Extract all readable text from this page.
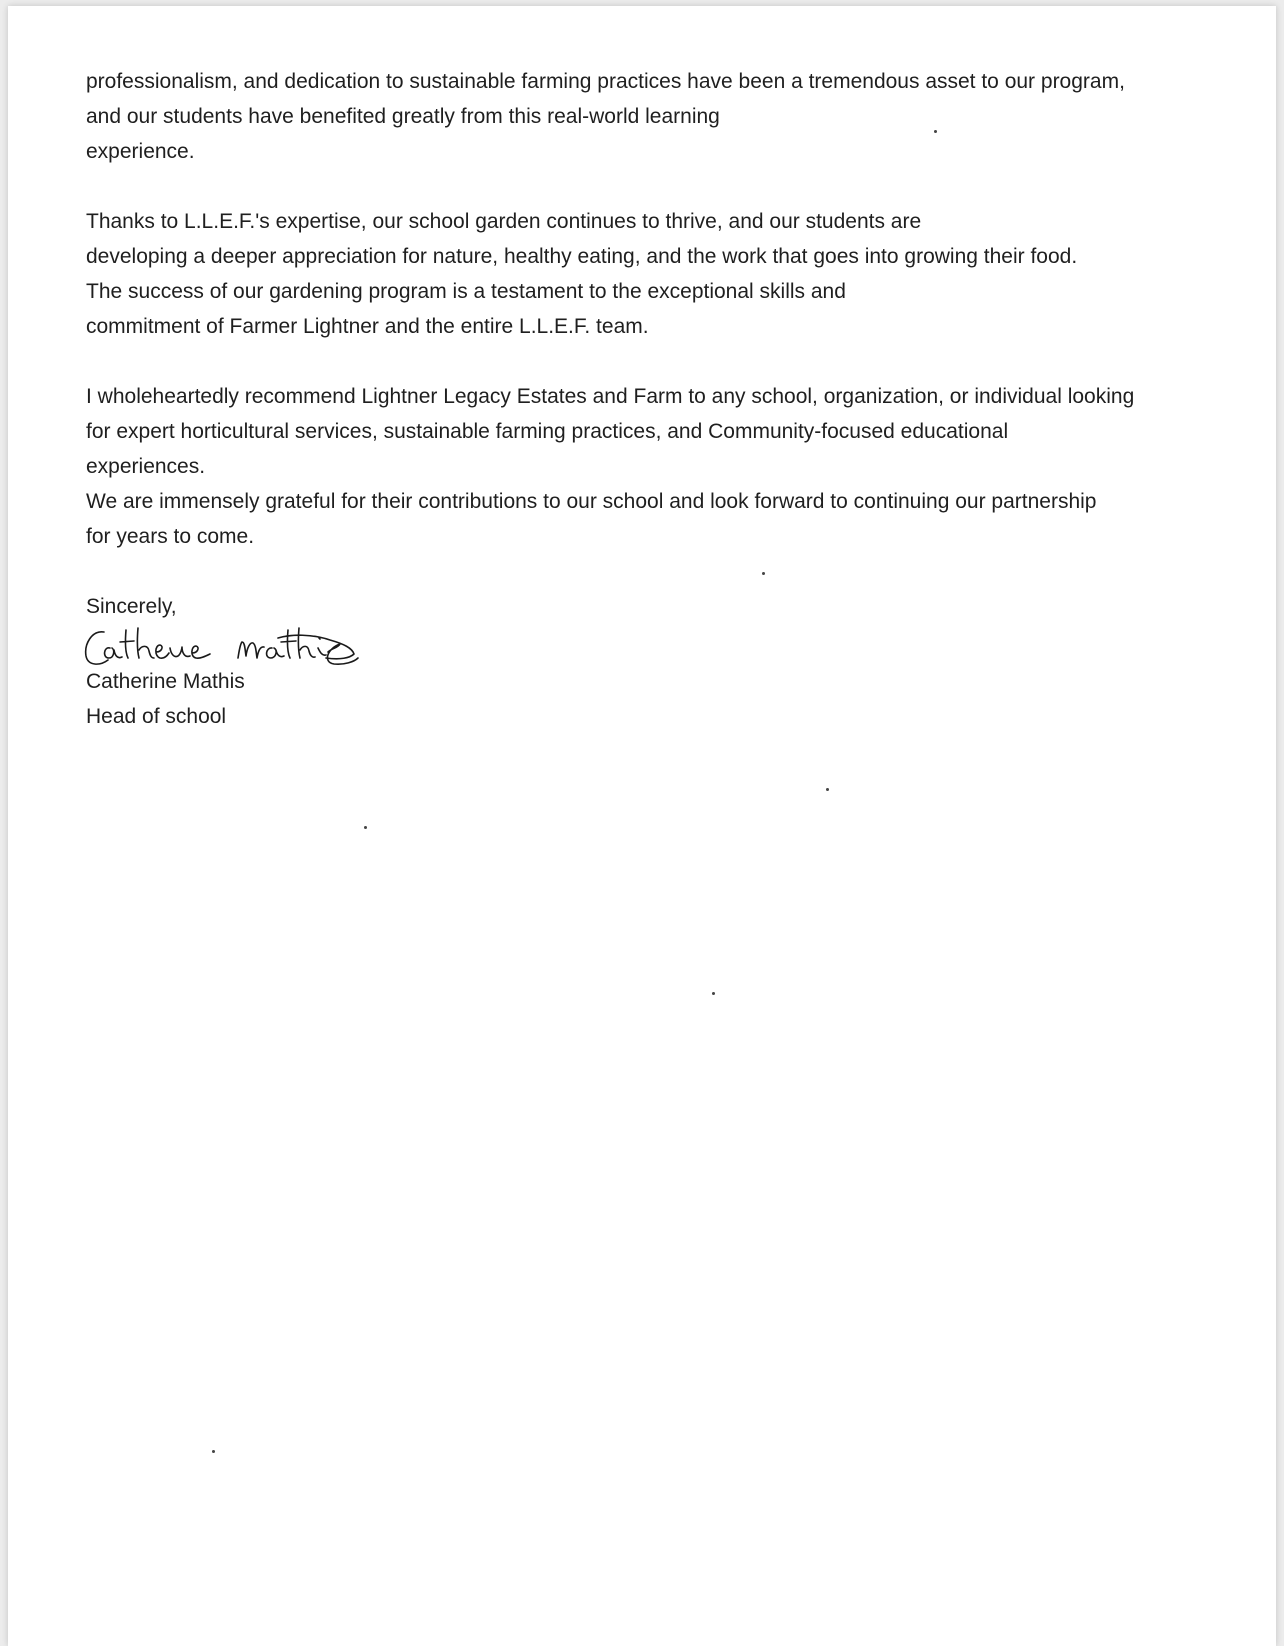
professionalism, and dedication to sustainable farming practices have been a tremendous asset to our program,
and our students have benefited greatly from this real-world learning
experience.
Thanks to L.L.E.F.'s expertise, our school garden continues to thrive, and our students are
developing a deeper appreciation for nature, healthy eating, and the work that goes into growing their food.
The success of our gardening program is a testament to the exceptional skills and
commitment of Farmer Lightner and the entire L.L.E.F. team.
I wholeheartedly recommend Lightner Legacy Estates and Farm to any school, organization, or individual looking
for expert horticultural services, sustainable farming practices, and Community-focused educational
experiences.
We are immensely grateful for their contributions to our school and look forward to continuing our partnership
for years to come.
Sincerely,
Catherine Mathis
Head of school
